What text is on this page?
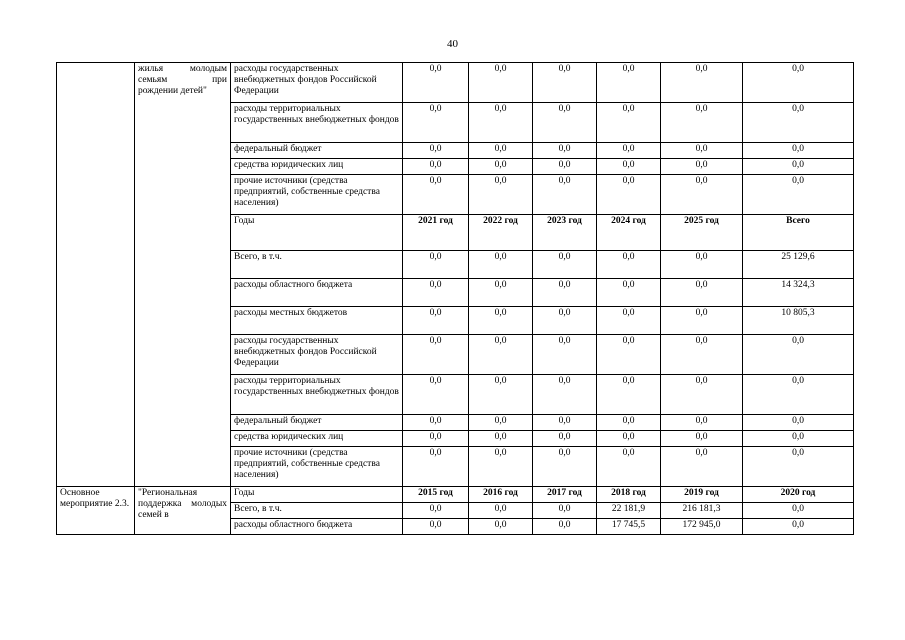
40
	жилья молодым семьям при рождении детей"	расходы государственных внебюджетных фондов Российской Федерации	0,0	0,0	0,0	0,0	0,0	0,0
		расходы территориальных государственных внебюджетных фондов	0,0	0,0	0,0	0,0	0,0	0,0
		федеральный бюджет	0,0	0,0	0,0	0,0	0,0	0,0
		средства юридических лиц	0,0	0,0	0,0	0,0	0,0	0,0
		прочие источники (средства предприятий, собственные средства населения)	0,0	0,0	0,0	0,0	0,0	0,0
		Годы	2021 год	2022 год	2023 год	2024 год	2025 год	Всего
		Всего, в т.ч.	0,0	0,0	0,0	0,0	0,0	25 129,6
		расходы областного бюджета	0,0	0,0	0,0	0,0	0,0	14 324,3
		расходы местных бюджетов	0,0	0,0	0,0	0,0	0,0	10 805,3
		расходы государственных внебюджетных фондов Российской Федерации	0,0	0,0	0,0	0,0	0,0	0,0
		расходы территориальных государственных внебюджетных фондов	0,0	0,0	0,0	0,0	0,0	0,0
		федеральный бюджет	0,0	0,0	0,0	0,0	0,0	0,0
		средства юридических лиц	0,0	0,0	0,0	0,0	0,0	0,0
		прочие источники (средства предприятий, собственные средства населения)	0,0	0,0	0,0	0,0	0,0	0,0
Основное мероприятие 2.3.	"Региональная поддержка молодых семей в	Годы	2015 год	2016 год	2017 год	2018 год	2019 год	2020 год
		Всего, в т.ч.	0,0	0,0	0,0	22 181,9	216 181,3	0,0
		расходы областного бюджета	0,0	0,0	0,0	17 745,5	172 945,0	0,0
